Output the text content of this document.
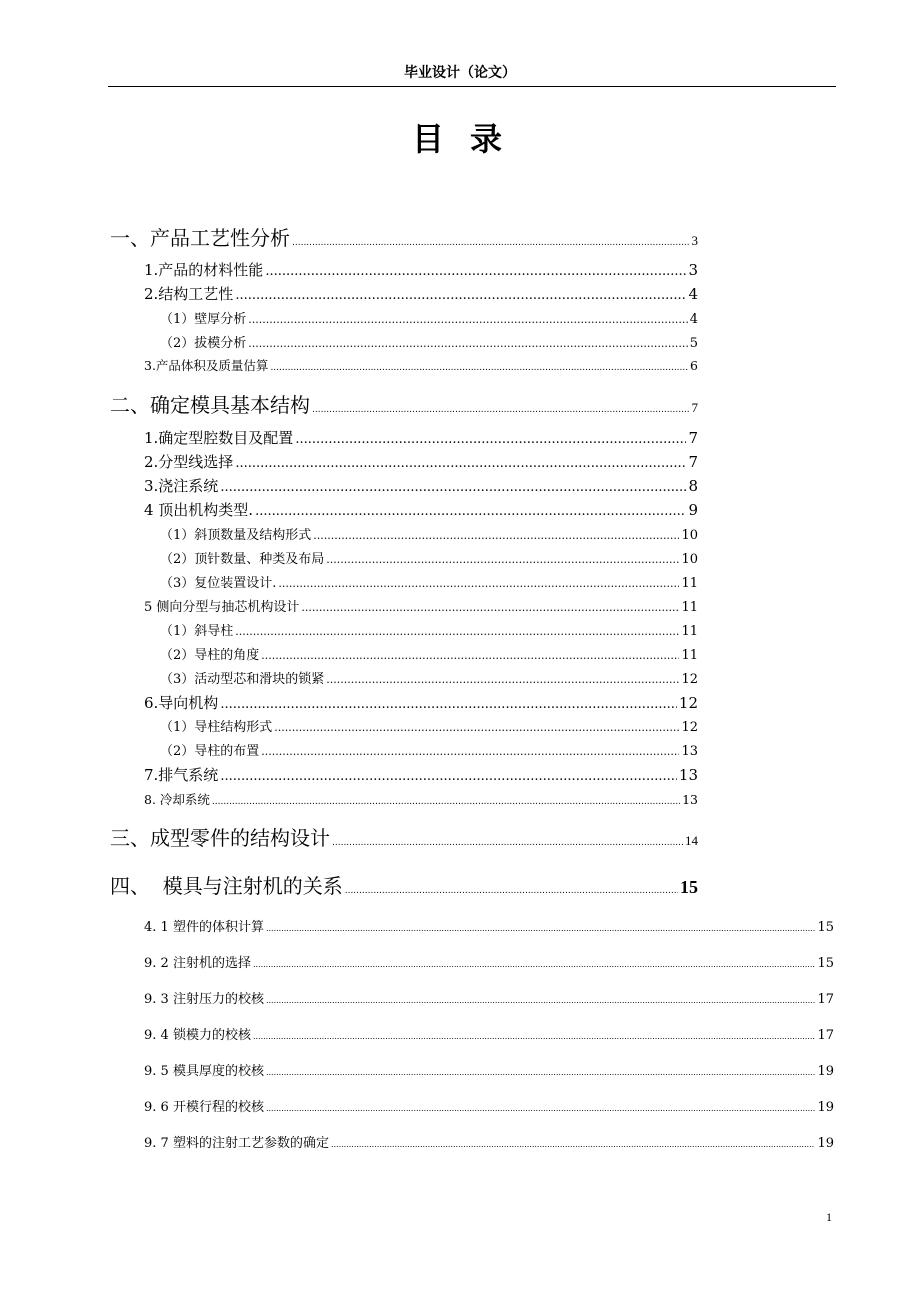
毕业设计（论文）
目 录
一、产品工艺性分析 .....	3
1.产品的材料性能 .....	3
2.结构工艺性 .....	4
（1）壁厚分析 .....	4
（2）拔模分析 .....	5
3.产品体积及质量估算 .....	6
二、确定模具基本结构 .....	7
1.确定型腔数目及配置 .....	7
2.分型线选择 .....	7
3.浇注系统 .....	8
4 顶出机构类型. .....	9
（1）斜顶数量及结构形式 .....	10
（2）顶针数量、种类及布局 .....	10
（3）复位装置设计. .....	11
5 侧向分型与抽芯机构设计 .....	11
（1）斜导柱 .....	11
（2）导柱的角度 .....	11
（3）活动型芯和滑块的锁紧 .....	12
6.导向机构 .....	12
（1）导柱结构形式 .....	12
（2）导柱的布置 .....	13
7.排气系统 .....	13
8. 冷却系统 .....	13
三、成型零件的结构设计 .....	14
四、  模具与注射机的关系 .....	15
4. 1 塑件的体积计算 .....	15
9. 2 注射机的选择 .....	15
9. 3 注射压力的校核 .....	17
9. 4 锁模力的校核 .....	17
9. 5 模具厚度的校核 .....	19
9. 6 开模行程的校核 .....	19
9. 7 塑料的注射工艺参数的确定 .....	19
1
